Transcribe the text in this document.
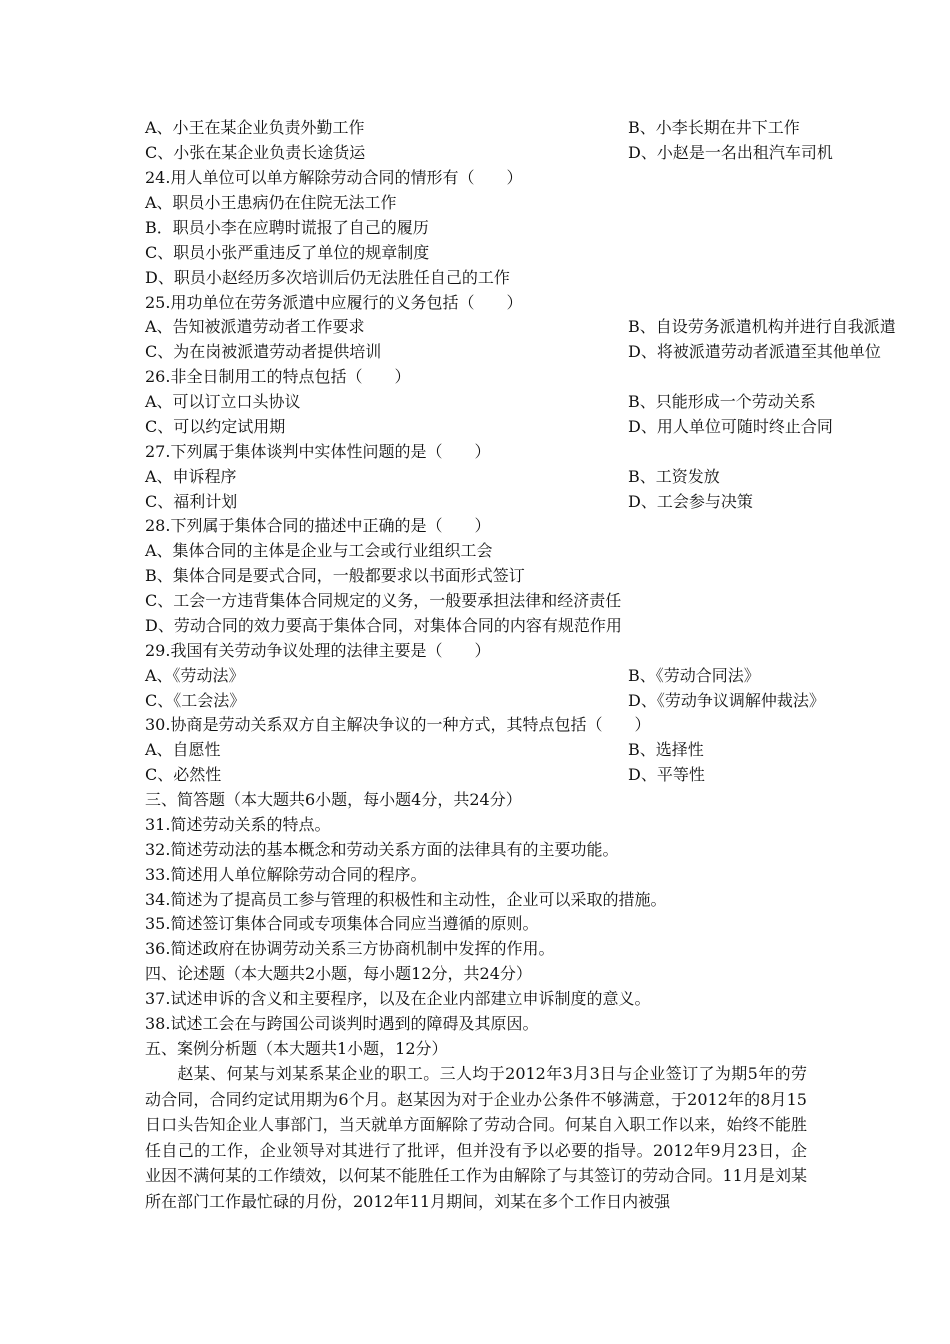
A、小王在某企业负责外勤工作	B、小李长期在井下工作
C、小张在某企业负责长途货运	D、小赵是一名出租汽车司机
24.用人单位可以单方解除劳动合同的情形有（　　）
A、职员小王患病仍在住院无法工作
B．职员小李在应聘时谎报了自己的履历
C、职员小张严重违反了单位的规章制度
D、职员小赵经历多次培训后仍无法胜任自己的工作
25.用功单位在劳务派遣中应履行的义务包括（　　）
A、告知被派遣劳动者工作要求	B、自设劳务派遣机构并进行自我派遣
C、为在岗被派遣劳动者提供培训	D、将被派遣劳动者派遣至其他单位
26.非全日制用工的特点包括（　　）
A、可以订立口头协议	B、只能形成一个劳动关系
C、可以约定试用期	D、用人单位可随时终止合同
27.下列属于集体谈判中实体性问题的是（　　）
A、申诉程序	B、工资发放
C、福利计划	D、工会参与决策
28.下列属于集体合同的描述中正确的是（　　）
A、集体合同的主体是企业与工会或行业组织工会
B、集体合同是要式合同，一般都要求以书面形式签订
C、工会一方违背集体合同规定的义务，一般要承担法律和经济责任
D、劳动合同的效力要高于集体合同，对集体合同的内容有规范作用
29.我国有关劳动争议处理的法律主要是（　　）
A、《劳动法》	B、《劳动合同法》
C、《工会法》	D、《劳动争议调解仲裁法》
30.协商是劳动关系双方自主解决争议的一种方式，其特点包括（　　）
A、自愿性	B、选择性
C、必然性	D、平等性
三、简答题（本大题共6小题，每小题4分，共24分）
31.简述劳动关系的特点。
32.简述劳动法的基本概念和劳动关系方面的法律具有的主要功能。
33.简述用人单位解除劳动合同的程序。
34.简述为了提高员工参与管理的积极性和主动性，企业可以采取的措施。
35.简述签订集体合同或专项集体合同应当遵循的原则。
36.简述政府在协调劳动关系三方协商机制中发挥的作用。
四、论述题（本大题共2小题，每小题12分，共24分）
37.试述申诉的含义和主要程序，以及在企业内部建立申诉制度的意义。
38.试述工会在与跨国公司谈判时遇到的障碍及其原因。
五、案例分析题（本大题共1小题，12分）
赵某、何某与刘某系某企业的职工。三人均于2012年3月3日与企业签订了为期5年的劳动合同，合同约定试用期为6个月。赵某因为对于企业办公条件不够满意，于2012年的8月15日口头告知企业人事部门，当天就单方面解除了劳动合同。何某自入职工作以来，始终不能胜任自己的工作，企业领导对其进行了批评，但并没有予以必要的指导。2012年9月23日，企业因不满何某的工作绩效，以何某不能胜任工作为由解除了与其签订的劳动合同。11月是刘某所在部门工作最忙碌的月份，2012年11月期间，刘某在多个工作日内被强
